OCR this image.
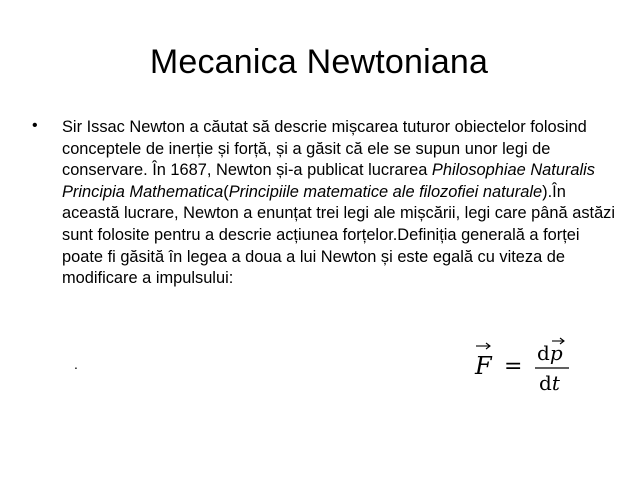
Mecanica Newtoniana
• Sir Issac Newton a căutat să descrie mișcarea tuturor obiectelor folosind conceptele de inerție și forță, și a găsit că ele se supun unor legi de conservare. În 1687, Newton și-a publicat lucrarea Philosophiae Naturalis Principia Mathematica(Principiile matematice ale filozofiei naturale).În această lucrare, Newton a enunțat trei legi ale mișcării, legi care până astăzi sunt folosite pentru a descrie acțiunea forțelor.Definiția generală a forței poate fi găsită în legea a doua a lui Newton și este egală cu viteza de modificare a impulsului:

.	F =
dp
dt
